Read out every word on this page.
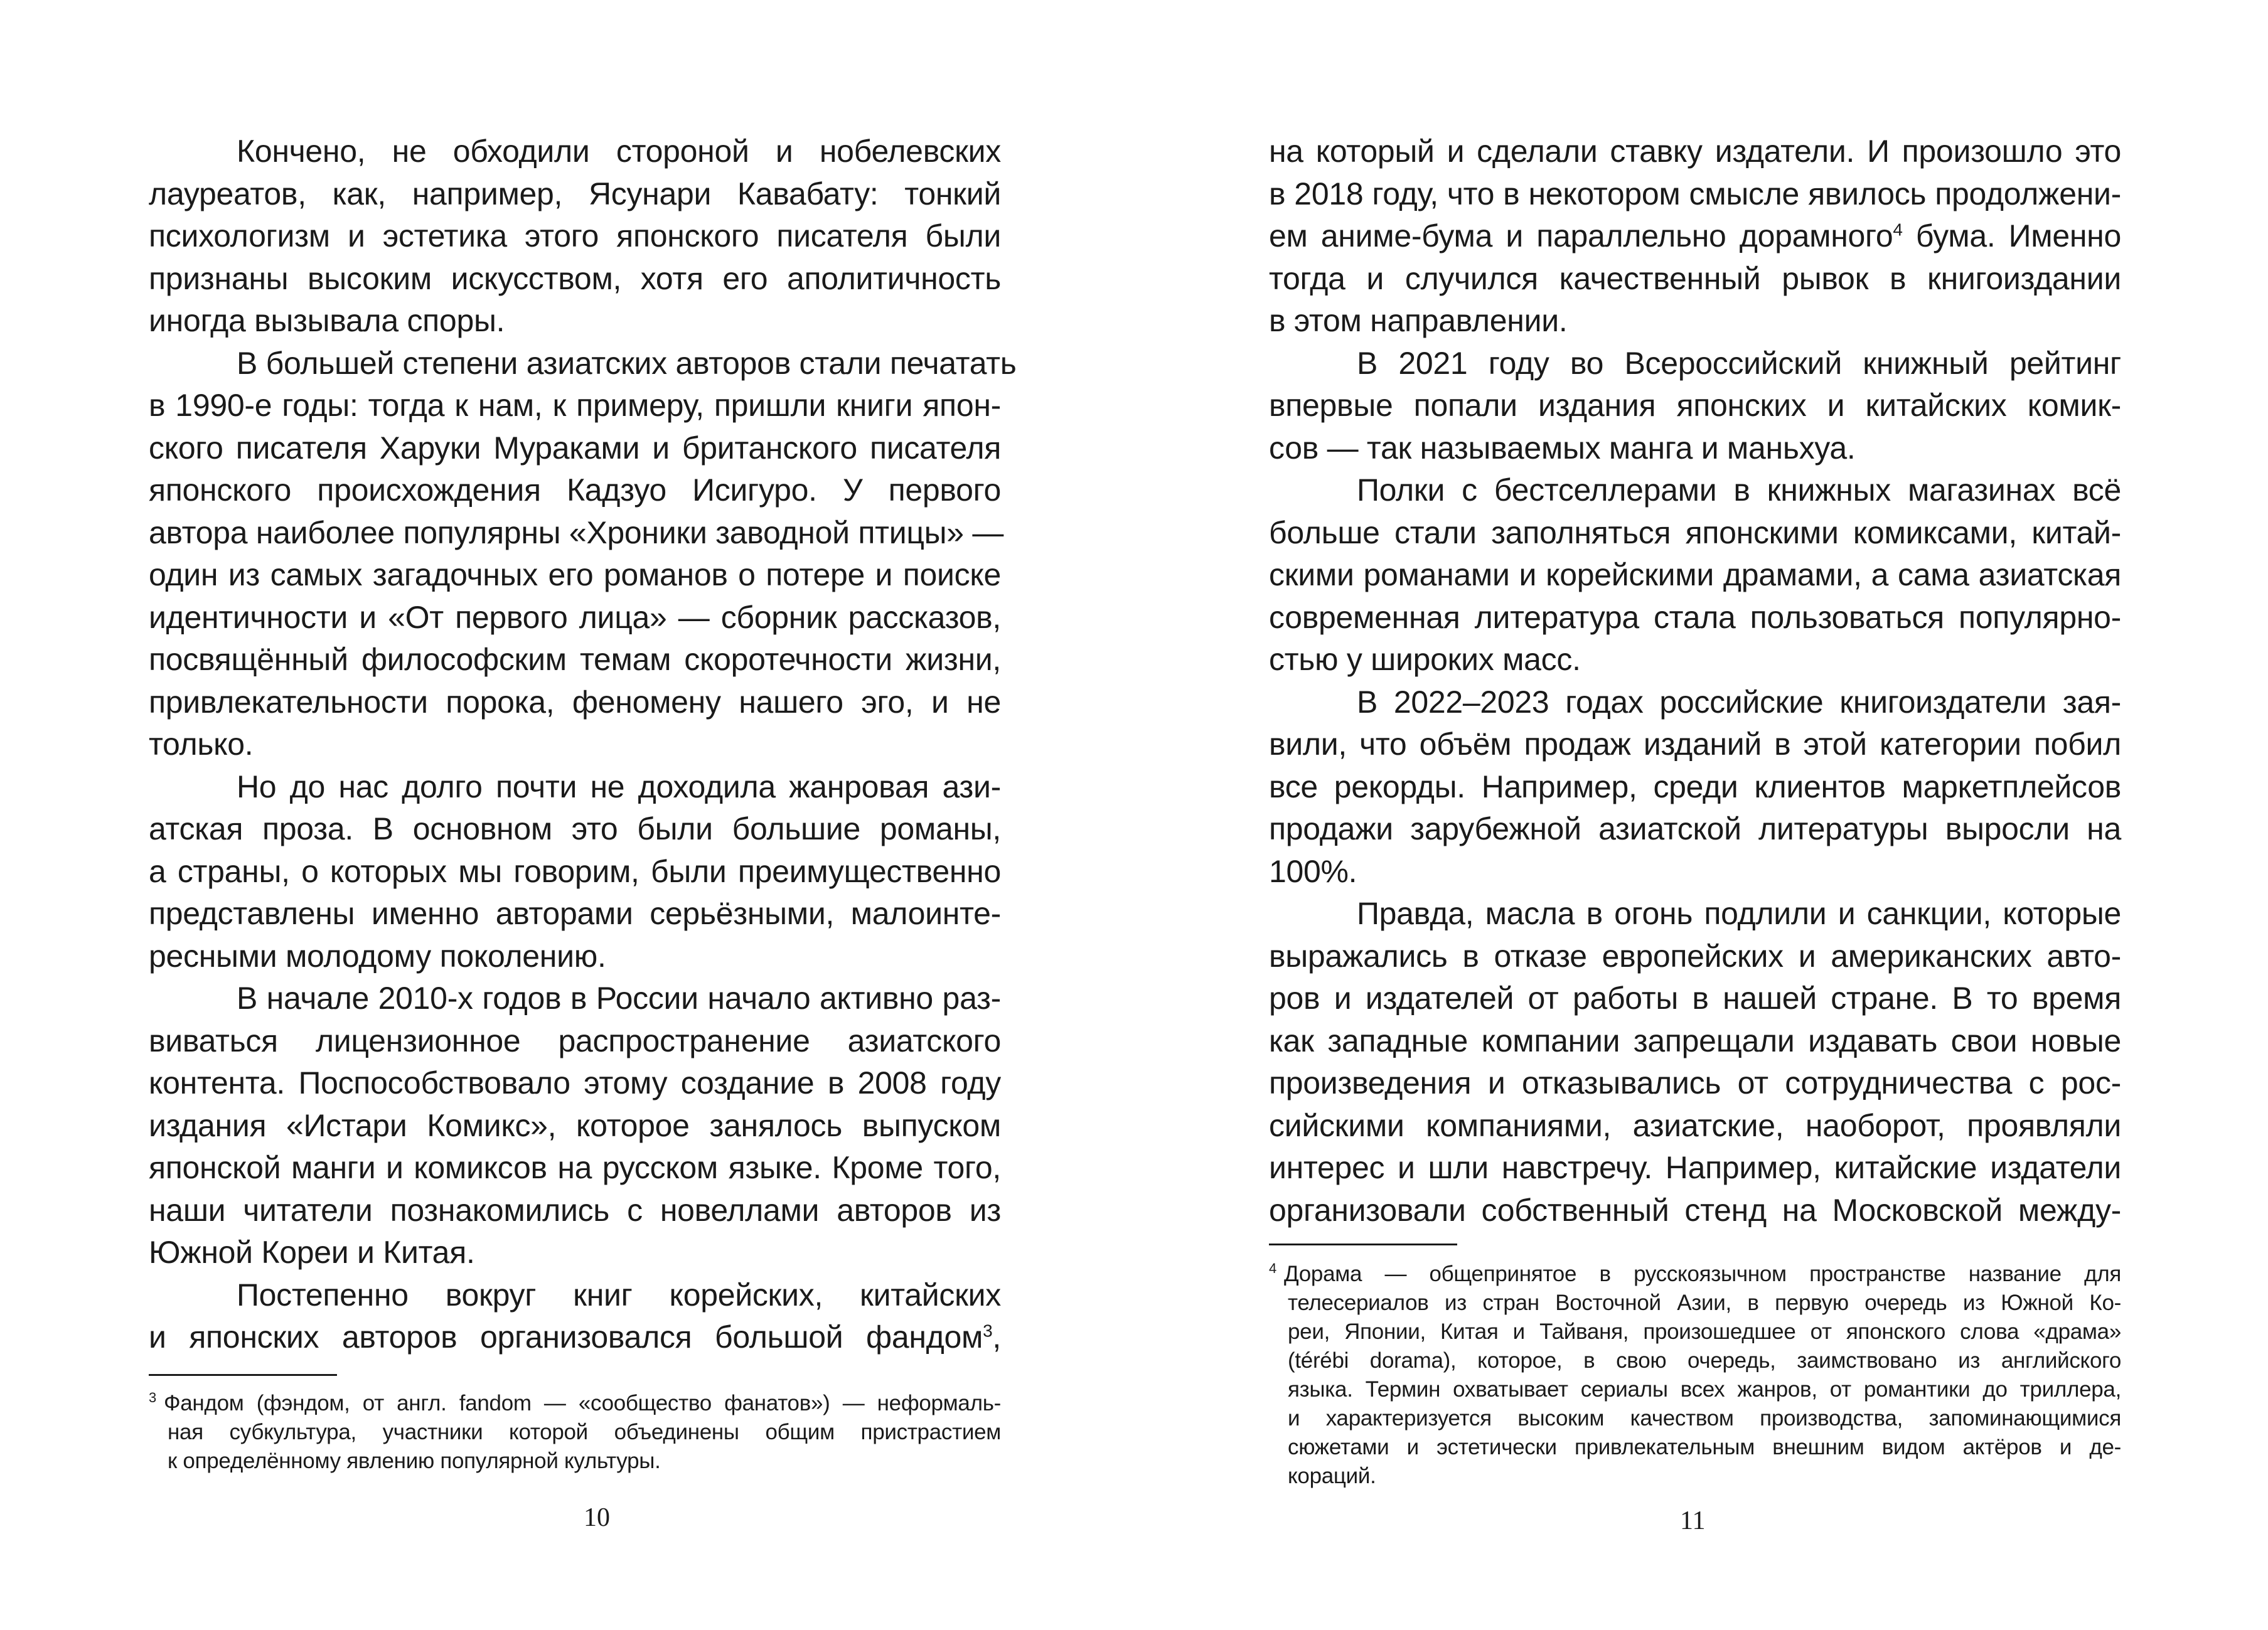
Кончено, не обходили стороной и нобелевских
лауреатов, как, например, Ясунари Кавабату: тонкий
психологизм и эстетика этого японского писателя были
признаны высоким искусством, хотя его аполитичность
иногда вызывала споры.
В большей степени азиатских авторов стали печатать
в 1990-е годы: тогда к нам, к примеру, пришли книги япон-
ского писателя Харуки Мураками и британского писателя
японского происхождения Кадзуо Исигуро. У первого
автора наиболее популярны «Хроники заводной птицы» —
один из самых загадочных его романов о потере и поиске
идентичности и «От первого лица» — сборник рассказов,
посвящённый философским темам скоротечности жизни,
привлекательности порока, феномену нашего эго, и не
только.
Но до нас долго почти не доходила жанровая ази-
атская проза. В основном это были большие романы,
а страны, о которых мы говорим, были преимущественно
представлены именно авторами серьёзными, малоинте-
ресными молодому поколению.
В начале 2010-х годов в России начало активно раз-
виваться лицензионное распространение азиатского
контента. Поспособствовало этому создание в 2008 году
издания «Истари Комикс», которое занялось выпуском
японской манги и комиксов на русском языке. Кроме того,
наши читатели познакомились с новеллами авторов из
Южной Кореи и Китая.
Постепенно вокруг книг корейских, китайских
и японских авторов организовался большой фандом$^3$,
$^3$ Фандом (фэндом, от англ. fandom — «сообщество фанатов») — неформаль-
ная субкультура, участники которой объединены общим пристрастием
к определённому явлению популярной культуры.
10
на который и сделали ставку издатели. И произошло это
в 2018 году, что в некотором смысле явилось продолжени-
ем аниме-бума и параллельно дорамного$^4$ бума. Именно
тогда и случился качественный рывок в книгоиздании
в этом направлении.
В 2021 году во Всероссийский книжный рейтинг
впервые попали издания японских и китайских комик-
сов — так называемых манга и маньхуа.
Полки с бестселлерами в книжных магазинах всё
больше стали заполняться японскими комиксами, китай-
скими романами и корейскими драмами, а сама азиатская
современная литература стала пользоваться популярно-
стью у широких масс.
В 2022–2023 годах российские книгоиздатели зая-
вили, что объём продаж изданий в этой категории побил
все рекорды. Например, среди клиентов маркетплейсов
продажи зарубежной азиатской литературы выросли на
100%.
Правда, масла в огонь подлили и санкции, которые
выражались в отказе европейских и американских авто-
ров и издателей от работы в нашей стране. В то время
как западные компании запрещали издавать свои новые
произведения и отказывались от сотрудничества с рос-
сийскими компаниями, азиатские, наоборот, проявляли
интерес и шли навстречу. Например, китайские издатели
организовали собственный стенд на Московской между-
$^4$ Дорама — общепринятое в русскоязычном пространстве название для
телесериалов из стран Восточной Азии, в первую очередь из Южной Ко-
реи, Японии, Китая и Тайваня, произошедшее от японского слова «драма»
(térébi dorama), которое, в свою очередь, заимствовано из английского
языка. Термин охватывает сериалы всех жанров, от романтики до триллера,
и характеризуется высоким качеством производства, запоминающимися
сюжетами и эстетически привлекательным внешним видом актёров и де-
кораций.
11
